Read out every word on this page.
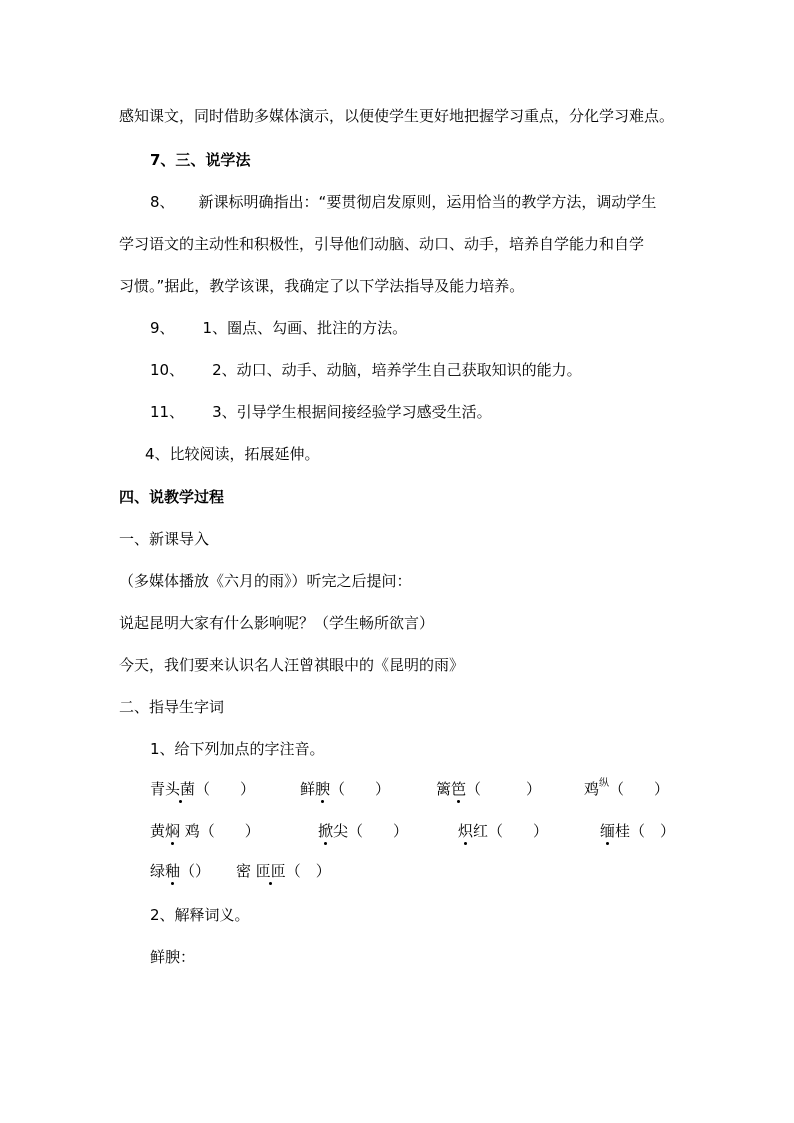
感知课文，同时借助多媒体演示，以便使学生更好地把握学习重点，分化学习难点。
7、三、说学法
8、 新课标明确指出：“要贯彻启发原则，运用恰当的教学方法，调动学生
学习语文的主动性和积极性，引导他们动脑、动口、动手，培养自学能力和自学
习惯。”据此，教学该课，我确定了以下学法指导及能力培养。
9、 1、圈点、勾画、批注的方法。
10、 2、动口、动手、动脑，培养学生自己获取知识的能力。
11、 3、引导学生根据间接经验学习感受生活。
4、比较阅读，拓展延伸。
四、说教学过程
一、新课导入
（多媒体播放《六月的雨》）听完之后提问：
说起昆明大家有什么影响呢？（学生畅所欲言）
今天，我们要来认识名人汪曾祺眼中的《昆明的雨》
二、指导生字词
1、给下列加点的字注音。
青头菌（　　）	鲜腴（　　）	篱笆（　　　）	鸡$^纵$（　　）
黄焖 鸡（　　）	掀尖（　　）	炽红（　　）	缅桂（　）
绿釉（） 密 匝匝（　）
2、解释词义。
鲜腴：
